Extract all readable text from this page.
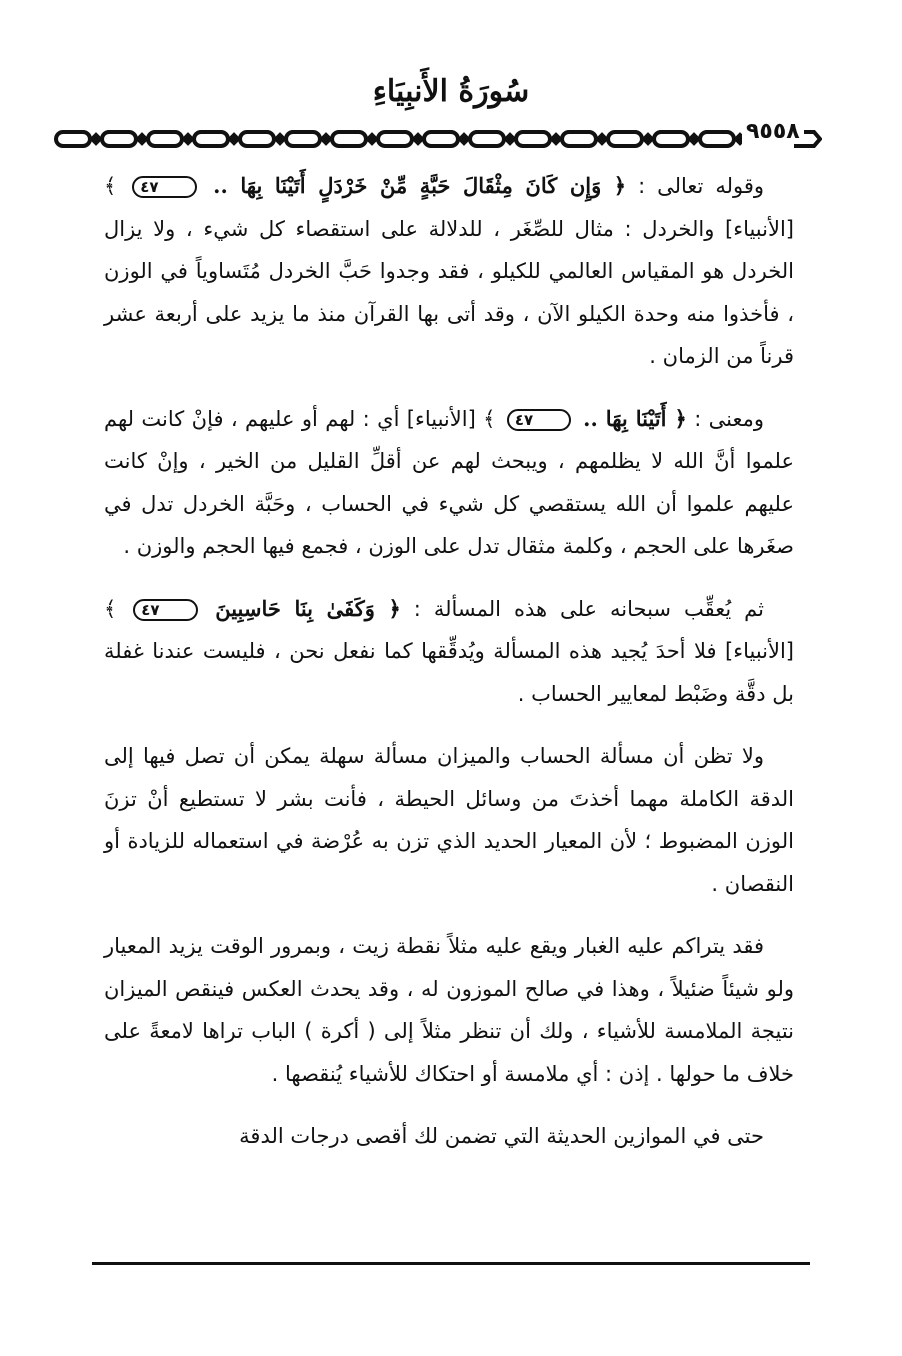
سُورَةُ الأَنبِيَاءِ
٩٥٥٨

وقوله تعالى : ﴿ وَإِن كَانَ مِثْقَالَ حَبَّةٍ مِّنْ خَرْدَلٍ أَتَيْنَا بِهَا .. ٤٧ ﴾ [الأنبياء] والخردل : مثال للصِّغَر ، للدلالة على استقصاء كل شيء ، ولا يزال الخردل هو المقياس العالمي للكيلو ، فقد وجدوا حَبَّ الخردل مُتَساوياً في الوزن ، فأخذوا منه وحدة الكيلو الآن ، وقد أتى بها القرآن منذ ما يزيد على أربعة عشر قرناً من الزمان .

ومعنى : ﴿ أَتَيْنَا بِهَا .. ٤٧ ﴾ [الأنبياء] أي : لهم أو عليهم ، فإنْ كانت لهم علموا أنَّ الله لا يظلمهم ، ويبحث لهم عن أقلِّ القليل من الخير ، وإنْ كانت عليهم علموا أن الله يستقصي كل شيء في الحساب ، وحَبَّة الخردل تدل في صغَرها على الحجم ، وكلمة مثقال تدل على الوزن ، فجمع فيها الحجم والوزن .

ثم يُعقِّب سبحانه على هذه المسألة : ﴿ وَكَفَىٰ بِنَا حَاسِبِينَ ٤٧ ﴾ [الأنبياء] فلا أحدَ يُجيد هذه المسألة ويُدقِّقها كما نفعل نحن ، فليست عندنا غفلة بل دقَّة وضَبْط لمعايير الحساب .

ولا تظن أن مسألة الحساب والميزان مسألة سهلة يمكن أن تصل فيها إلى الدقة الكاملة مهما أخذتَ من وسائل الحيطة ، فأنت بشر لا تستطيع أنْ تزنَ الوزن المضبوط ؛ لأن المعيار الحديد الذي تزن به عُرْضة في استعماله للزيادة أو النقصان .

فقد يتراكم عليه الغبار ويقع عليه مثلاً نقطة زيت ، وبمرور الوقت يزيد المعيار ولو شيئاً ضئيلاً ، وهذا في صالح الموزون له ، وقد يحدث العكس فينقص الميزان نتيجة الملامسة للأشياء ، ولك أن تنظر مثلاً إلى ( أكرة ) الباب تراها لامعةً على خلاف ما حولها . إذن : أي ملامسة أو احتكاك للأشياء يُنقصها .

حتى في الموازين الحديثة التي تضمن لك أقصى درجات الدقة
